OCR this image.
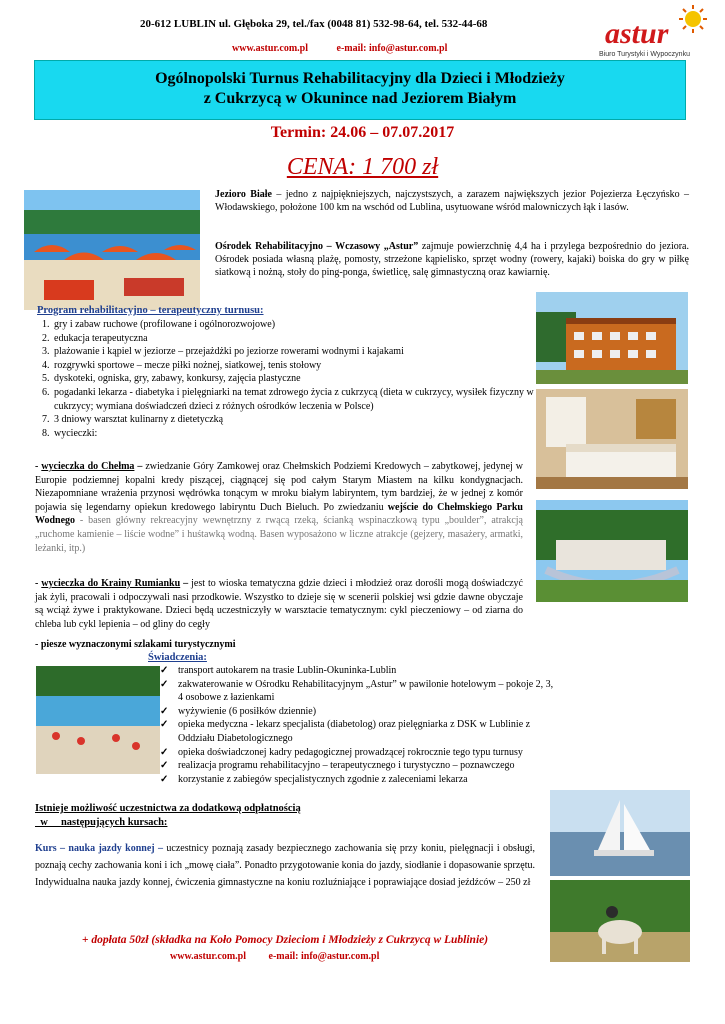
20-612 LUBLIN ul. Głęboka 29, tel./fax (0048 81) 532-98-64, tel. 532-44-68
www.astur.com.pl	e-mail: info@astur.com.pl	astur
Biuro Turystyki i Wypoczynku
Ogólnopolski Turnus Rehabilitacyjny dla Dzieci i Młodzieży
z Cukrzycą w Okunince nad Jeziorem Białym
Termin: 24.06 – 07.07.2017
CENA: 1 700 zł
Jezioro Białe – jedno z najpiękniejszych, najczystszych, a zarazem największych jezior Pojezierza Łęczyńsko – Włodawskiego, położone 100 km na wschód od Lublina, usytuowane wśród malowniczych łąk i lasów.
Ośrodek Rehabilitacyjno – Wczasowy „Astur” zajmuje powierzchnię 4,4 ha i przylega bezpośrednio do jeziora. Ośrodek posiada własną plażę, pomosty, strzeżone kąpielisko, sprzęt wodny (rowery, kajaki) boiska do gry w piłkę siatkową i nożną, stoły do ping-ponga, świetlicę, salę gimnastyczną oraz kawiarnię.
Program rehabilitacyjno – terapeutyczny turnusu:
1. gry i zabaw ruchowe (profilowane i ogólnorozwojowe)
2. edukacja terapeutyczna
3. plażowanie i kąpiel w jeziorze – przejażdżki po jeziorze rowerami wodnymi i kajakami
4. rozgrywki sportowe – mecze piłki nożnej, siatkowej, tenis stołowy
5. dyskoteki, ogniska, gry, zabawy, konkursy, zajęcia plastyczne
6. pogadanki lekarza - diabetyka i pielęgniarki na temat zdrowego życia z cukrzycą (dieta w cukrzycy, wysiłek fizyczny w cukrzycy; wymiana doświadczeń dzieci z różnych ośrodków leczenia w Polsce)
7. 3 dniowy warsztat kulinarny z dietetyczką
8. wycieczki:
- wycieczka do Chełma – zwiedzanie Góry Zamkowej oraz Chełmskich Podziemi Kredowych – zabytkowej, jedynej w Europie podziemnej kopalni kredy piszącej, ciągnącej się pod całym Starym Miastem na kilku kondygnacjach. Niezapomniane wrażenia przynosi wędrówka tonącym w mroku białym labiryntem, tym bardziej, że w jednej z komór pojawia się legendarny opiekun kredowego labiryntu Duch Bieluch. Po zwiedzaniu wejście do Chełmskiego Parku Wodnego - basen główny rekreacyjny wewnętrzny z rwącą rzeką, ścianką wspinaczkową typu „boulder”, atrakcją „ruchome kamienie – liście wodne” i huśtawką wodną. Basen wyposażono w liczne atrakcje (gejzery, masażery, armatki, leżanki, itp.)
- wycieczka do Krainy Rumianku – jest to wioska tematyczna gdzie dzieci i młodzież oraz dorośli mogą doświadczyć jak żyli, pracowali i odpoczywali nasi przodkowie. Wszystko to dzieje się w scenerii polskiej wsi gdzie dawne obyczaje są wciąż żywe i praktykowane. Dzieci będą uczestniczyły w warsztacie tematycznym: cykl pieczeniowy – od ziarna do chleba lub cykl lepienia – od gliny do cegły
- piesze wyznaczonymi szlakami turystycznymi
Świadczenia:
✓ transport autokarem na trasie Lublin-Okuninka-Lublin
✓ zakwaterowanie w Ośrodku Rehabilitacyjnym „Astur” w pawilonie hotelowym – pokoje 2, 3, 4 osobowe z łazienkami
✓ wyżywienie (6 posiłków dziennie)
✓ opieka medyczna - lekarz specjalista (diabetolog) oraz pielęgniarka z DSK w Lublinie z Oddziału Diabetologicznego
✓ opieka doświadczonej kadry pedagogicznej prowadzącej rokrocznie tego typu turnusy
✓ realizacja programu rehabilitacyjno – terapeutycznego i turystyczno – poznawczego
✓ korzystanie z zabiegów specjalistycznych zgodnie z zaleceniami lekarza
Istnieje możliwość uczestnictwa za dodatkową odpłatnością
w     następujących kursach:
Kurs – nauka jazdy konnej – uczestnicy poznają zasady bezpiecznego zachowania się przy koniu, pielęgnacji i obsługi, poznają cechy zachowania koni i ich „mowę ciała”. Ponadto przygotowanie konia do jazdy, siodłanie i dopasowanie sprzętu. Indywidualna nauka jazdy konnej, ćwiczenia gimnastyczne na koniu rozluźniające i poprawiające dosiad jeźdźców – 250 zł
+ dopłata 50zł (składka na Koło Pomocy Dzieciom i Młodzieży z Cukrzycą w Lublinie)
www.astur.com.pl e-mail: info@astur.com.pl
